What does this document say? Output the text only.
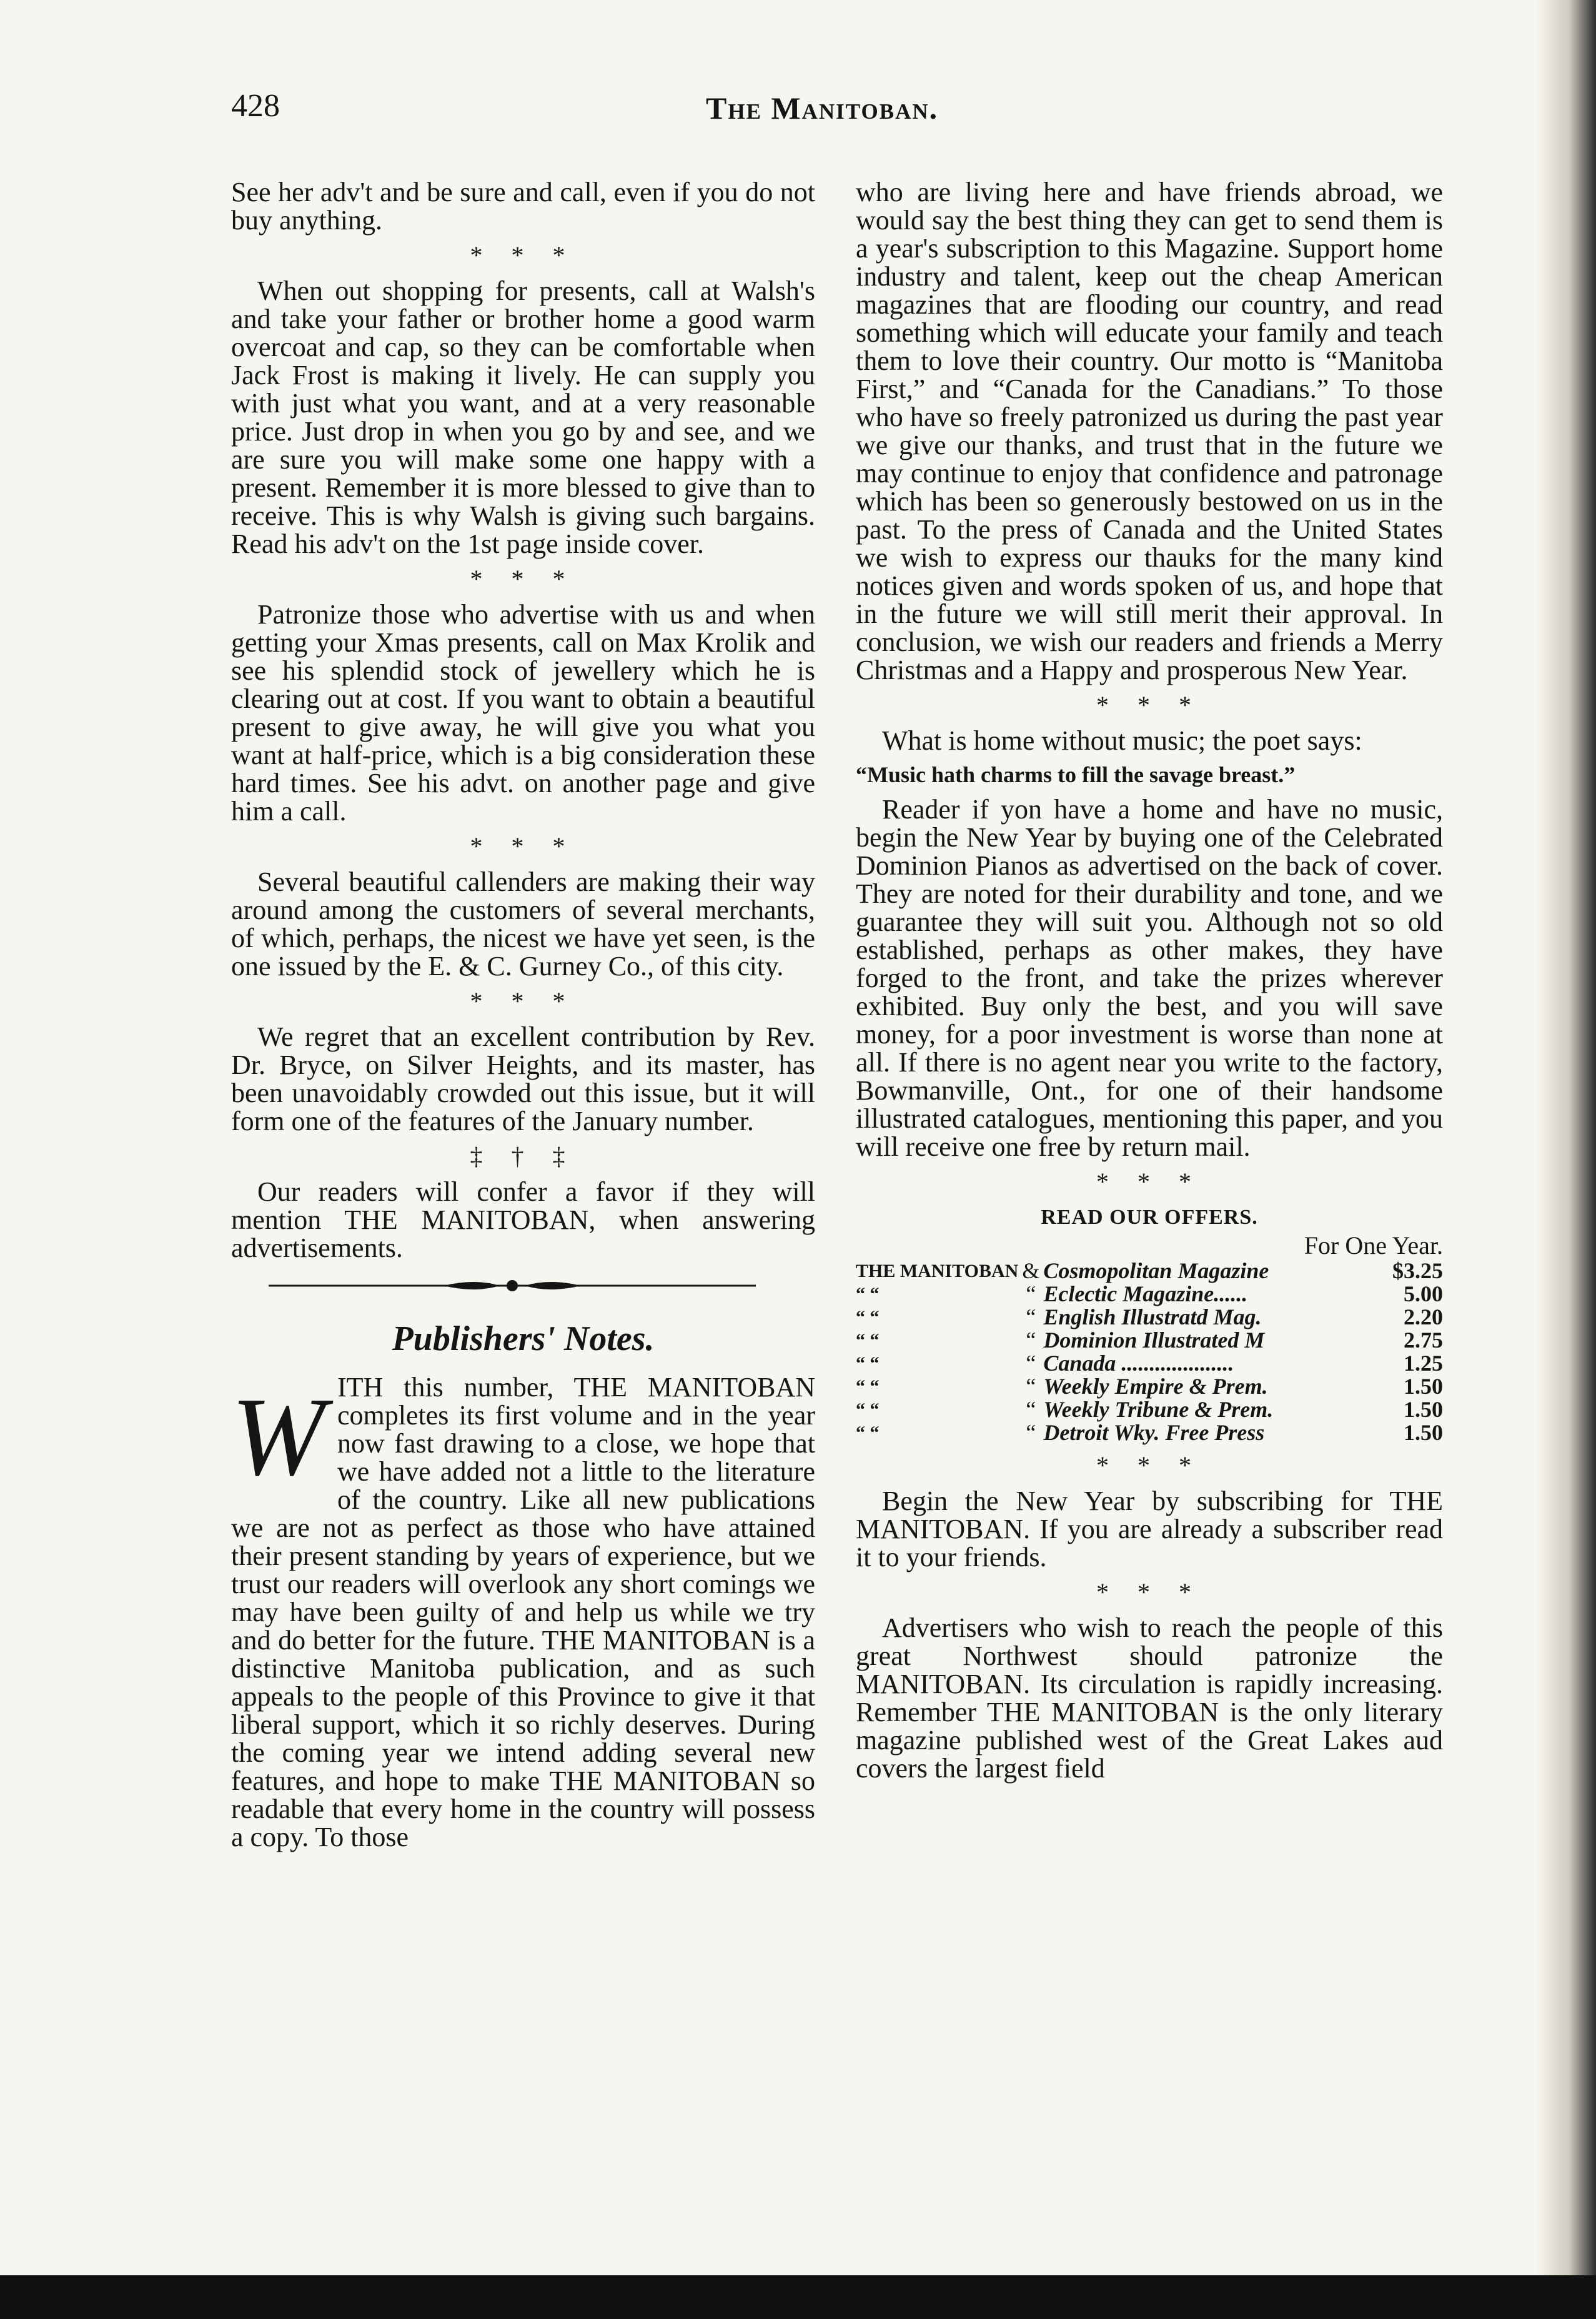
428	The Manitoban.

See her adv't and be sure and call, even if you do not buy anything.

* * *

When out shopping for presents, call at Walsh's and take your father or brother home a good warm overcoat and cap, so they can be comfortable when Jack Frost is making it lively. He can supply you with just what you want, and at a very reasonable price. Just drop in when you go by and see, and we are sure you will make some one happy with a present. Remember it is more blessed to give than to receive. This is why Walsh is giving such bargains. Read his adv't on the 1st page inside cover.

* * *

Patronize those who advertise with us and when getting your Xmas presents, call on Max Krolik and see his splendid stock of jewellery which he is clearing out at cost. If you want to obtain a beautiful present to give away, he will give you what you want at half-price, which is a big consideration these hard times. See his advt. on another page and give him a call.

* * *

Several beautiful callenders are making their way around among the customers of several merchants, of which, perhaps, the nicest we have yet seen, is the one issued by the E. & C. Gurney Co., of this city.

* * *

We regret that an excellent contribution by Rev. Dr. Bryce, on Silver Heights, and its master, has been unavoidably crowded out this issue, but it will form one of the features of the January number.

‡ † ‡

Our readers will confer a favor if they will mention THE MANITOBAN, when answering advertisements.

Publishers' Notes.
W ITH this number, THE MANITOBAN completes its first volume and in the year now fast drawing to a close, we hope that we have added not a little to the literature of the country. Like all new publications we are not as perfect as those who have attained their present standing by years of experience, but we trust our readers will overlook any short comings we may have been guilty of and help us while we try and do better for the future. THE MANITOBAN is a distinctive Manitoba publication, and as such appeals to the people of this Province to give it that liberal support, which it so richly deserves. During the coming year we intend adding several new features, and hope to make THE MANITOBAN so readable that every home in the country will possess a copy. To those

who are living here and have friends abroad, we would say the best thing they can get to send them is a year's subscription to this Magazine. Support home industry and talent, keep out the cheap American magazines that are flooding our country, and read something which will educate your family and teach them to love their country. Our motto is “Manitoba First,” and “Canada for the Canadians.” To those who have so freely patronized us during the past year we give our thanks, and trust that in the future we may continue to enjoy that confidence and patronage which has been so generously bestowed on us in the past. To the press of Canada and the United States we wish to express our thauks for the many kind notices given and words spoken of us, and hope that in the future we will still merit their approval. In conclusion, we wish our readers and friends a Merry Christmas and a Happy and prosperous New Year.

* * *

What is home without music; the poet says:

“Music hath charms to fill the savage breast.”

Reader if yon have a home and have no music, begin the New Year by buying one of the Celebrated Dominion Pianos as advertised on the back of cover. They are noted for their durability and tone, and we guarantee they will suit you. Although not so old established, perhaps as other makes, they have forged to the front, and take the prizes wherever exhibited. Buy only the best, and you will save money, for a poor investment is worse than none at all. If there is no agent near you write to the factory, Bowmanville, Ont., for one of their handsome illustrated catalogues, mentioning this paper, and you will receive one free by return mail.

* * *
READ OUR OFFERS.
For One Year.
THE MANITOBAN	&	Cosmopolitan Magazine	$3.25
“ “	“	Eclectic Magazine......	5.00
“ “	“	English Illustratd Mag.	2.20
“ “	“	Dominion Illustrated M	2.75
“ “	“	Canada ....................	1.25
“ “	“	Weekly Empire & Prem.	1.50
“ “	“	Weekly Tribune & Prem.	1.50
“ “	“	Detroit Wky. Free Press	1.50
* * *

Begin the New Year by subscribing for THE MANITOBAN. If you are already a subscriber read it to your friends.

* * *

Advertisers who wish to reach the people of this great Northwest should patronize the MANITOBAN. Its circulation is rapidly increasing. Remember THE MANITOBAN is the only literary magazine published west of the Great Lakes aud covers the largest field
